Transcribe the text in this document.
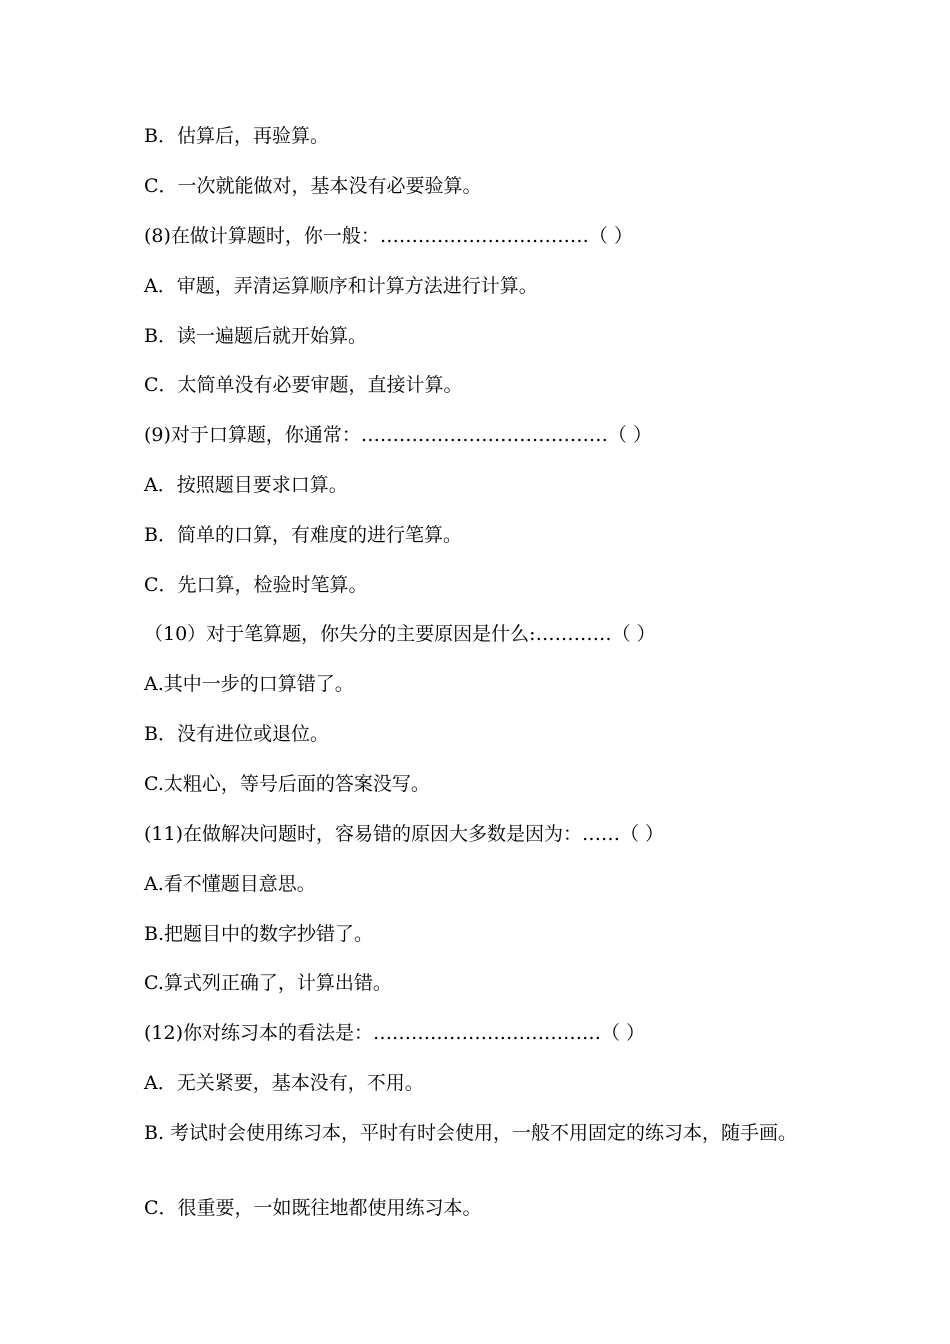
B．估算后，再验算。
C．一次就能做对，基本没有必要验算。
(8)在做计算题时，你一般：……………………………（ ）
A．审题，弄清运算顺序和计算方法进行计算。
B．读一遍题后就开始算。
C．太简单没有必要审题，直接计算。
(9)对于口算题，你通常：…………………………………（ ）
A．按照题目要求口算。
B．简单的口算，有难度的进行笔算。
C．先口算，检验时笔算。
（10）对于笔算题，你失分的主要原因是什么:…………（ ）
A.其中一步的口算错了。
B．没有进位或退位。
C.太粗心，等号后面的答案没写。
(11)在做解决问题时，容易错的原因大多数是因为：……（ ）
A.看不懂题目意思。
B.把题目中的数字抄错了。
C.算式列正确了，计算出错。
(12)你对练习本的看法是：………………………………（ ）
A．无关紧要，基本没有，不用。
B. 考试时会使用练习本，平时有时会使用，一般不用固定的练习本，随手画。
C．很重要，一如既往地都使用练习本。
